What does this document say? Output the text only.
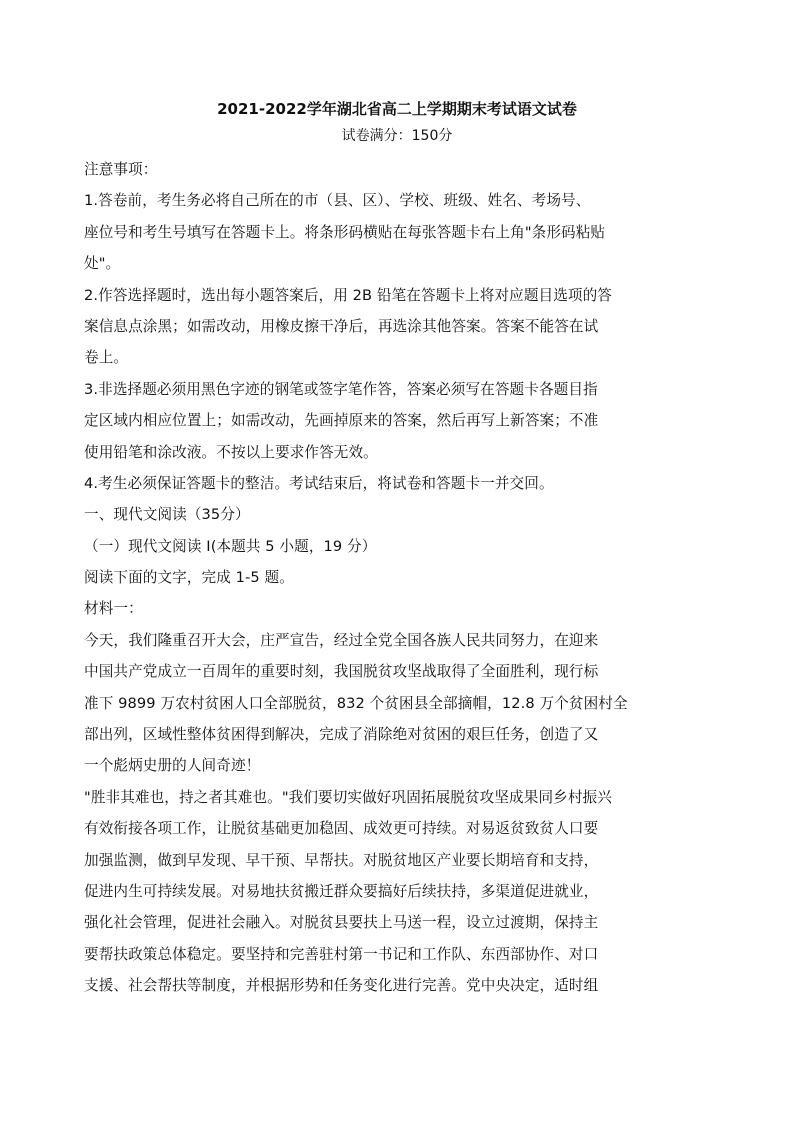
2021-2022学年湖北省高二上学期期末考试语文试卷
试卷满分：150分
注意事项：
1.答卷前，考生务必将自己所在的市（县、区）、学校、班级、姓名、考场号、
座位号和考生号填写在答题卡上。将条形码横贴在每张答题卡右上角"条形码粘贴
处"。
2.作答选择题时，选出每小题答案后，用 2B 铅笔在答题卡上将对应题目选项的答
案信息点涂黑；如需改动，用橡皮擦干净后，再选涂其他答案。答案不能答在试
卷上。
3.非选择题必须用黑色字迹的钢笔或签字笔作答，答案必须写在答题卡各题目指
定区域内相应位置上；如需改动，先画掉原来的答案，然后再写上新答案；不准
使用铅笔和涂改液。不按以上要求作答无效。
4.考生必须保证答题卡的整洁。考试结束后，将试卷和答题卡一并交回。
一、现代文阅读（35分）
（一）现代文阅读 I(本题共 5 小题，19 分）
阅读下面的文字，完成 1-5 题。
材料一：
今天，我们隆重召开大会，庄严宣告，经过全党全国各族人民共同努力，在迎来
中国共产党成立一百周年的重要时刻，我国脱贫攻坚战取得了全面胜利，现行标
准下 9899 万农村贫困人口全部脱贫，832 个贫困县全部摘帽，12.8 万个贫困村全
部出列，区域性整体贫困得到解决，完成了消除绝对贫困的艰巨任务，创造了又
一个彪炳史册的人间奇迹！
"胜非其难也，持之者其难也。"我们要切实做好巩固拓展脱贫攻坚成果同乡村振兴
有效衔接各项工作，让脱贫基础更加稳固、成效更可持续。对易返贫致贫人口要
加强监测，做到早发现、早干预、早帮扶。对脱贫地区产业要长期培育和支持，
促进内生可持续发展。对易地扶贫搬迁群众要搞好后续扶持，多渠道促进就业，
强化社会管理，促进社会融入。对脱贫县要扶上马送一程，设立过渡期，保持主
要帮扶政策总体稳定。要坚持和完善驻村第一书记和工作队、东西部协作、对口
支援、社会帮扶等制度，并根据形势和任务变化进行完善。党中央决定，适时组
